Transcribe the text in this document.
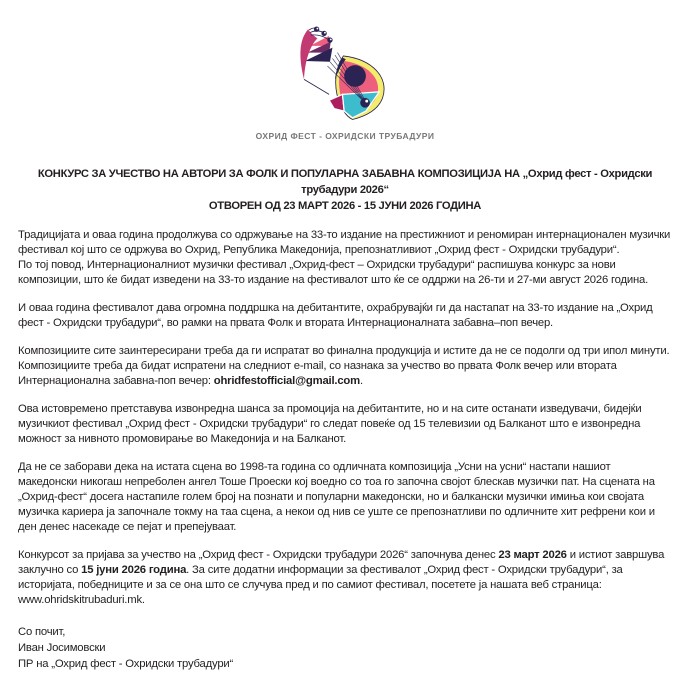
ОХРИД ФЕСТ - ОХРИДСКИ ТРУБАДУРИ
КОНКУРС ЗА УЧЕСТВО НА АВТОРИ ЗА ФОЛК И ПОПУЛАРНА ЗАБАВНА КОМПОЗИЦИЈА НА „Охрид фест - Охридски трубадури 2026“
ОТВОРЕН ОД 23 МАРТ 2026 - 15 ЈУНИ 2026 ГОДИНА

Традицијата и оваа година продолжува со одржување на 33-то издание на престижниот и реномиран интернационален музички фестивал кој што се одржува во Охрид, Република Македонија, препознатливиот „Охрид фест - Охридски трубадури“.
По тој повод, Интернационалниот музички фестивал „Охрид-фест – Охридски трубадури“ распишува конкурс за нови композиции, што ќе бидат изведени на 33-то издание на фестивалот што ќе се оддржи на 26-ти и 27-ми август 2026 година.

И оваа година фестивалот дава огромна поддршка на дебитантите, охрабрувајќи ги да настапат на 33-то издание на „Охрид фест - Охридски трубадури“, во рамки на првата Фолк и втората Интернационалната забавна–поп вечер.

Композициите сите заинтересирани треба да ги испратат во финална продукција и истите да не се подолги од три ипол минути. Композициите треба да бидат испратени на следниот e-mail, со назнака за учество во првата Фолк вечер или втората Интернационална забавна-поп вечер: ohridfestofficial@gmail.com.

Ова истовремено претставува извонредна шанса за промоција на дебитантите, но и на сите останати изведувачи, бидејќи музичкиот фестивал „Охрид фест - Охридски трубадури“ го следат повеќе од 15 телевизии од Балканот што е извонредна можност за нивното промовирање во Македонија и на Балканот.

Да не се заборави дека на истата сцена во 1998-та година со одличната композиција „Усни на усни“ настапи нашиот македонски никогаш непреболен ангел Тоше Проески кој воедно со тоа го започна својот блескав музички пат. На сцената на „Охрид-фест“ досега настапиле голем број на познати и популарни македонски, но и балкански музички имиња кои својата музичка кариера ја започнале токму на таа сцена, а некои од нив се уште се препознатливи по одличните хит рефрени кои и ден денес насекаде се пејат и препејуваат.

Конкурсот за пријава за учество на „Охрид фест - Охридски трубадури 2026“ започнува денес 23 март 2026 и истиот завршува заклучно со 15 јуни 2026 година. За сите додатни информации за фестивалот „Охрид фест - Охридски трубадури“, за историјата, победниците и за се она што се случува пред и по самиот фестивал, посетете ја нашата веб страница: www.ohridskitrubaduri.mk.

Со почит,
Иван Јосимовски
ПР на „Охрид фест - Охридски трубадури“
